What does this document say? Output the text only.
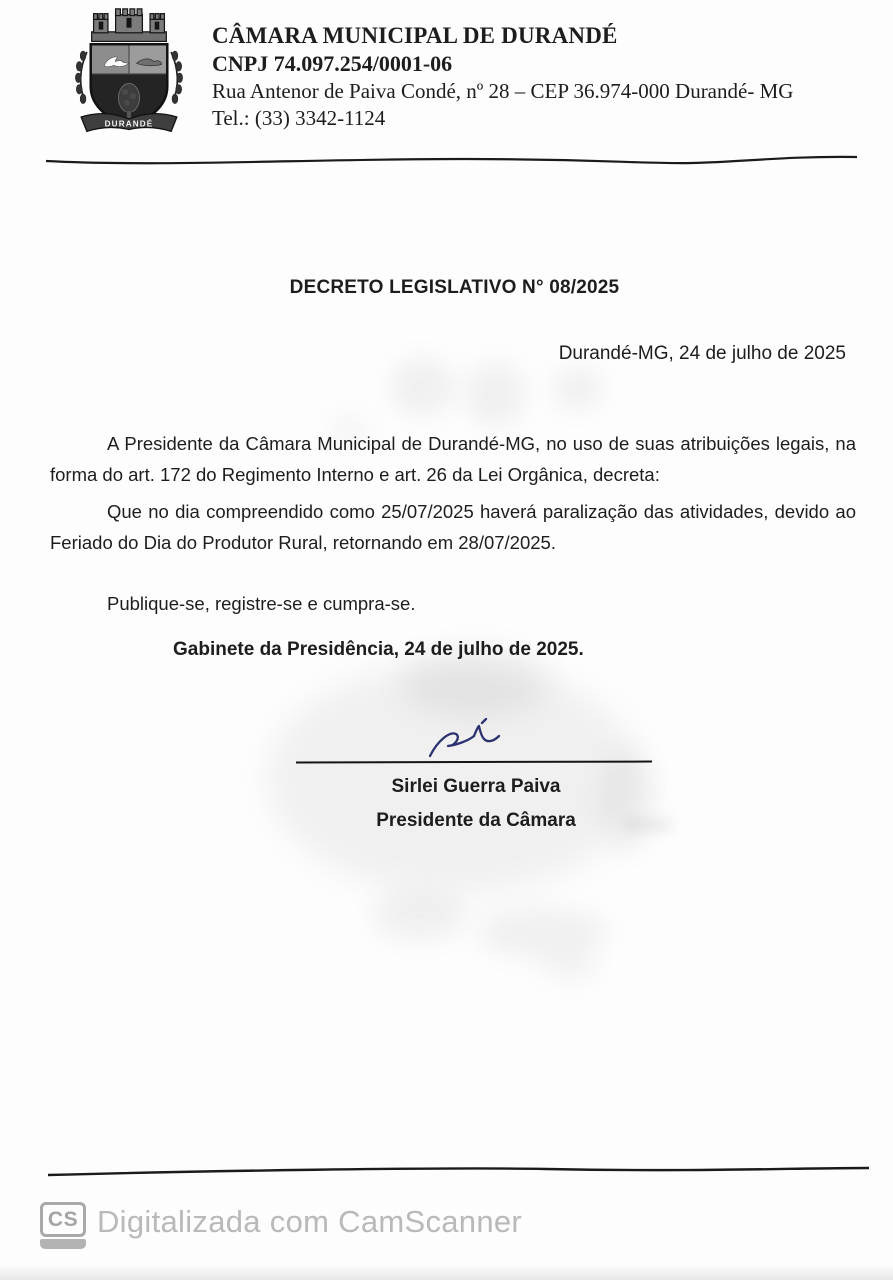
DURANDÉ
CÂMARA MUNICIPAL DE DURANDÉ
CNPJ 74.097.254/0001-06
Rua Antenor de Paiva Condé, nº 28 – CEP 36.974-000 Durandé- MG
Tel.: (33) 3342-1124
DECRETO LEGISLATIVO N° 08/2025
Durandé-MG, 24 de julho de 2025

A Presidente da Câmara Municipal de Durandé-MG, no uso de suas atribuições legais, na forma do art. 172 do Regimento Interno e art. 26 da Lei Orgânica, decreta:

Que no dia compreendido como 25/07/2025 haverá paralização das atividades, devido ao Feriado do Dia do Produtor Rural, retornando em 28/07/2025.

Publique-se, registre-se e cumpra-se.

Gabinete da Presidência, 24 de julho de 2025.
Sirlei Guerra Paiva
Presidente da Câmara
CS Digitalizada com CamScanner
